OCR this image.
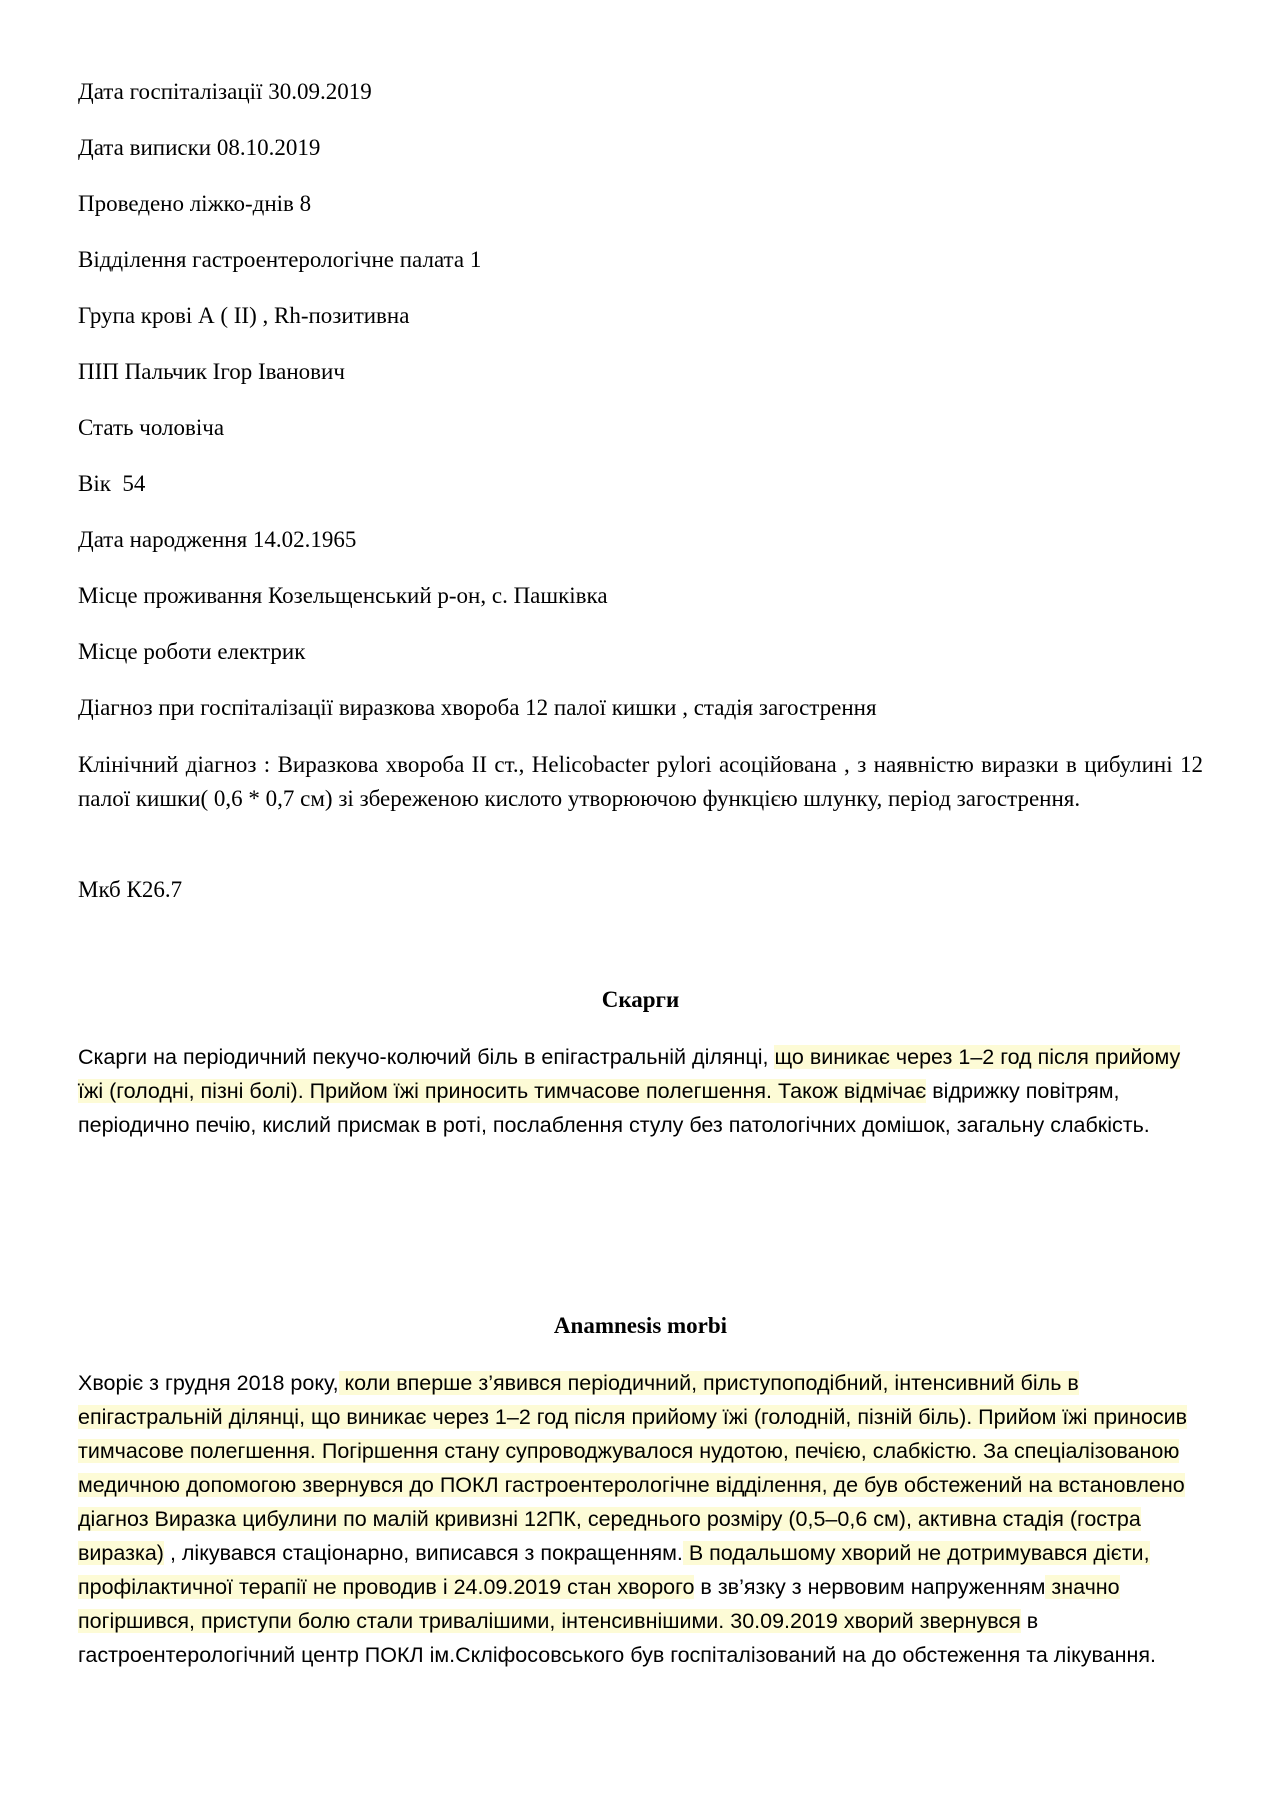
Дата госпіталізації 30.09.2019
Дата виписки 08.10.2019
Проведено ліжко-днів 8
Відділення гастроентерологічне палата 1
Група крові А ( ІІ) , Rh-позитивна
ПІП Пальчик Ігор Іванович
Стать чоловіча
Вік 54
Дата народження 14.02.1965
Місце проживання Козельщенський р-он, с. Пашківка
Місце роботи електрик
Діагноз при госпіталізації виразкова хвороба 12 палої кишки , стадія загострення
Клінічний діагноз : Виразкова хвороба ІІ ст., Helicobacter pylori асоційована , з наявністю виразки в цибулині 12 палої кишки( 0,6 * 0,7 см) зі збереженою кислото утворюючою функцією шлунку, період загострення.
Мкб К26.7
Скарги
Скарги на періодичний пекучо-колючий біль в епігастральній ділянці, що виникає через 1–2 год після прийому їжі (голодні, пізні болі). Прийом їжі приносить тимчасове полегшення. Також відмічає відрижку повітрям, періодично печію, кислий присмак в роті, послаблення стулу без патологічних домішок, загальну слабкість.
Anamnesis morbi
Хворіє з грудня 2018 року, коли вперше з’явився періодичний, приступоподібний, інтенсивний біль в епігастральній ділянці, що виникає через 1–2 год після прийому їжі (голодній, пізній біль). Прийом їжі приносив тимчасове полегшення. Погіршення стану супроводжувалося нудотою, печією, слабкістю. За спеціалізованою медичною допомогою звернувся до ПОКЛ гастроентерологічне відділення, де був обстежений на встановлено діагноз Виразка цибулини по малій кривизні 12ПК, середнього розміру (0,5–0,6 см), активна стадія (гостра виразка) , лікувався стаціонарно, виписався з покращенням. В подальшому хворий не дотримувався дієти, профілактичної терапії не проводив і 24.09.2019 стан хворого в зв’язку з нервовим напруженням значно погіршився, приступи болю стали тривалішими, інтенсивнішими. 30.09.2019 хворий звернувся в гастроентерологічний центр ПОКЛ ім.Скліфосовського був госпіталізований на до обстеження та лікування.
